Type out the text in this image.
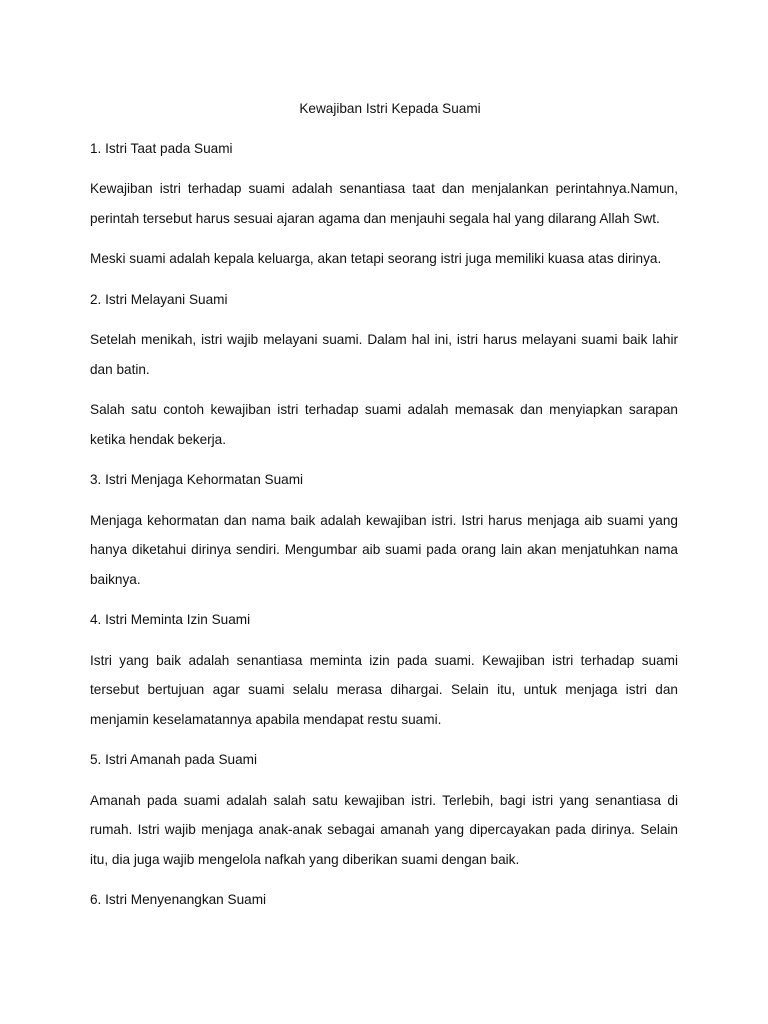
Kewajiban Istri Kepada Suami
1. Istri Taat pada Suami
Kewajiban istri terhadap suami adalah senantiasa taat dan menjalankan perintahnya.Namun, perintah tersebut harus sesuai ajaran agama dan menjauhi segala hal yang dilarang Allah Swt.
Meski suami adalah kepala keluarga, akan tetapi seorang istri juga memiliki kuasa atas dirinya.
2. Istri Melayani Suami
Setelah menikah, istri wajib melayani suami. Dalam hal ini, istri harus melayani suami baik lahir dan batin.
Salah satu contoh kewajiban istri terhadap suami adalah memasak dan menyiapkan sarapan ketika hendak bekerja.
3. Istri Menjaga Kehormatan Suami
Menjaga kehormatan dan nama baik adalah kewajiban istri. Istri harus menjaga aib suami yang hanya diketahui dirinya sendiri. Mengumbar aib suami pada orang lain akan menjatuhkan nama baiknya.
4. Istri Meminta Izin Suami
Istri yang baik adalah senantiasa meminta izin pada suami. Kewajiban istri terhadap suami tersebut bertujuan agar suami selalu merasa dihargai. Selain itu, untuk menjaga istri dan menjamin keselamatannya apabila mendapat restu suami.
5. Istri Amanah pada Suami
Amanah pada suami adalah salah satu kewajiban istri. Terlebih, bagi istri yang senantiasa di rumah. Istri wajib menjaga anak-anak sebagai amanah yang dipercayakan pada dirinya. Selain itu, dia juga wajib mengelola nafkah yang diberikan suami dengan baik.
6. Istri Menyenangkan Suami
